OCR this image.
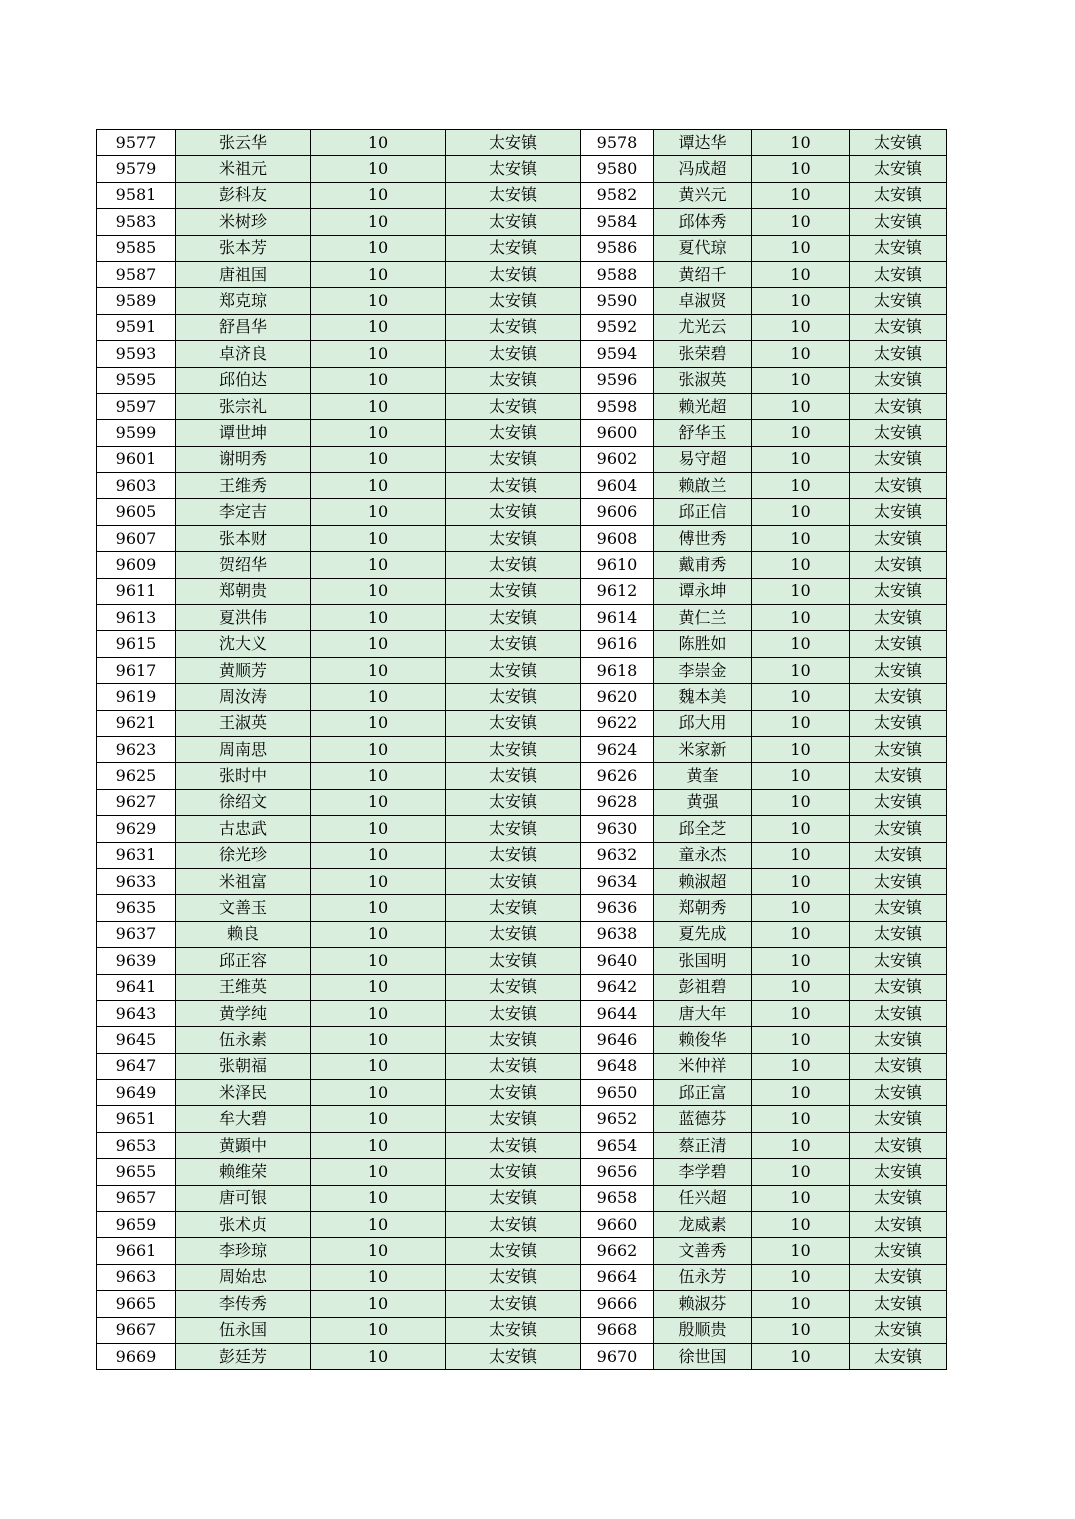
9577	张云华	10	太安镇	9578	谭达华	10	太安镇
9579	米祖元	10	太安镇	9580	冯成超	10	太安镇
9581	彭科友	10	太安镇	9582	黄兴元	10	太安镇
9583	米树珍	10	太安镇	9584	邱体秀	10	太安镇
9585	张本芳	10	太安镇	9586	夏代琼	10	太安镇
9587	唐祖国	10	太安镇	9588	黄绍千	10	太安镇
9589	郑克琼	10	太安镇	9590	卓淑贤	10	太安镇
9591	舒昌华	10	太安镇	9592	尤光云	10	太安镇
9593	卓济良	10	太安镇	9594	张荣碧	10	太安镇
9595	邱伯达	10	太安镇	9596	张淑英	10	太安镇
9597	张宗礼	10	太安镇	9598	赖光超	10	太安镇
9599	谭世坤	10	太安镇	9600	舒华玉	10	太安镇
9601	谢明秀	10	太安镇	9602	易守超	10	太安镇
9603	王维秀	10	太安镇	9604	赖啟兰	10	太安镇
9605	李定吉	10	太安镇	9606	邱正信	10	太安镇
9607	张本财	10	太安镇	9608	傅世秀	10	太安镇
9609	贺绍华	10	太安镇	9610	戴甫秀	10	太安镇
9611	郑朝贵	10	太安镇	9612	谭永坤	10	太安镇
9613	夏洪伟	10	太安镇	9614	黄仁兰	10	太安镇
9615	沈大义	10	太安镇	9616	陈胜如	10	太安镇
9617	黄顺芳	10	太安镇	9618	李崇金	10	太安镇
9619	周汝涛	10	太安镇	9620	魏本美	10	太安镇
9621	王淑英	10	太安镇	9622	邱大用	10	太安镇
9623	周南思	10	太安镇	9624	米家新	10	太安镇
9625	张时中	10	太安镇	9626	黄奎	10	太安镇
9627	徐绍文	10	太安镇	9628	黄强	10	太安镇
9629	古忠武	10	太安镇	9630	邱全芝	10	太安镇
9631	徐光珍	10	太安镇	9632	童永杰	10	太安镇
9633	米祖富	10	太安镇	9634	赖淑超	10	太安镇
9635	文善玉	10	太安镇	9636	郑朝秀	10	太安镇
9637	赖良	10	太安镇	9638	夏先成	10	太安镇
9639	邱正容	10	太安镇	9640	张国明	10	太安镇
9641	王维英	10	太安镇	9642	彭祖碧	10	太安镇
9643	黄学纯	10	太安镇	9644	唐大年	10	太安镇
9645	伍永素	10	太安镇	9646	赖俊华	10	太安镇
9647	张朝福	10	太安镇	9648	米仲祥	10	太安镇
9649	米泽民	10	太安镇	9650	邱正富	10	太安镇
9651	牟大碧	10	太安镇	9652	蓝德芬	10	太安镇
9653	黄顕中	10	太安镇	9654	蔡正清	10	太安镇
9655	赖维荣	10	太安镇	9656	李学碧	10	太安镇
9657	唐可银	10	太安镇	9658	任兴超	10	太安镇
9659	张术贞	10	太安镇	9660	龙威素	10	太安镇
9661	李珍琼	10	太安镇	9662	文善秀	10	太安镇
9663	周始忠	10	太安镇	9664	伍永芳	10	太安镇
9665	李传秀	10	太安镇	9666	赖淑芬	10	太安镇
9667	伍永国	10	太安镇	9668	殷顺贵	10	太安镇
9669	彭廷芳	10	太安镇	9670	徐世国	10	太安镇
